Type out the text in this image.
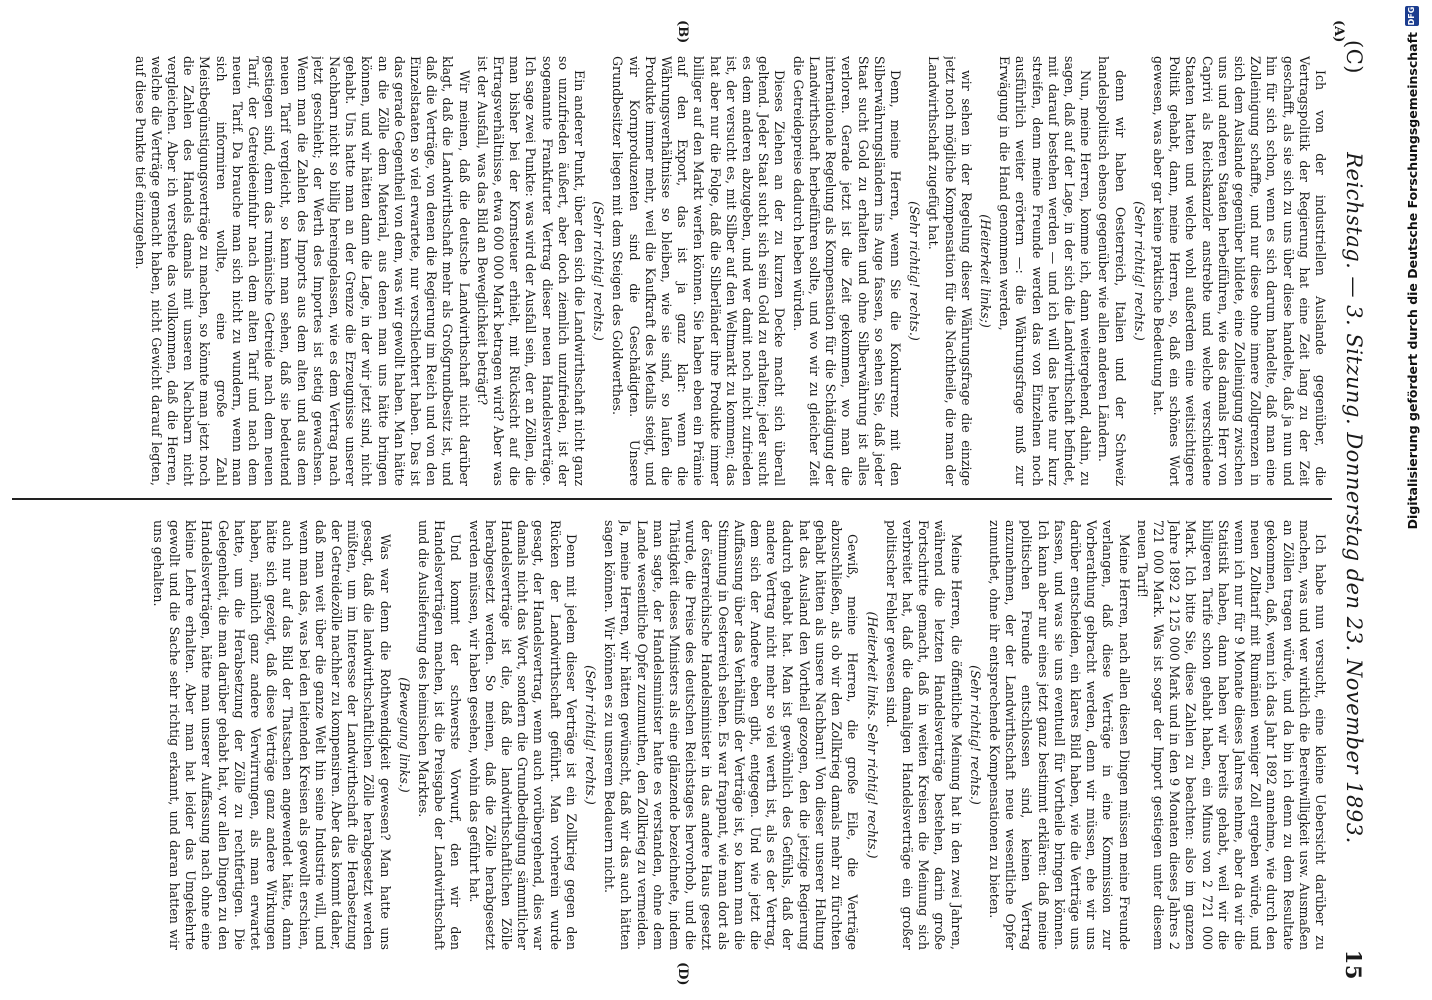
(C)
Reichstag. — 3. Sitzung. Donnerstag den 23. November 1893.
15

Ich habe nun versucht, eine kleine Uebersicht darüber zu machen, was und wer wirklich die Bereitwilligkeit usw. Ausmaßen an Zöllen tragen würde, und da bin ich denn zu dem Resultate gekommen, daß, wenn ich das Jahr 1892 annehme, wie durch den neuen Zolltarif mit Rumänien weniger Zoll ergeben würde, und wenn ich nur für 9 Monate dieses Jahres nehme, aber da wir die Statistik haben, dann haben wir bereits gehabt, weil wir die billigeren Tarife schon gehabt haben, ein Minus von 2 721 000 Mark. Ich bitte Sie, diese Zahlen zu beachten: also im ganzen Jahre 1892 2 125 000 Mark und in den 9 Monaten dieses Jahres 2 721 000 Mark. Was ist sogar der Import gestiegen unter diesem neuen Tarif!

Meine Herren, nach allen diesen Dingen müssen meine Freunde verlangen, daß diese Verträge in eine Kommission zur Vorberathung gebracht werden, denn wir müssen, ehe wir uns darüber entscheiden, ein klares Bild haben, wie die Verträge uns fassen, und was sie uns eventuell für Vortheile bringen können. Ich kann aber nur eines jetzt ganz bestimmt erklären: daß meine politischen Freunde entschlossen sind, keinen Vertrag anzunehmen, der der Landwirthschaft neue wesentliche Opfer zumuthet, ohne ihr entsprechende Kompensationen zu bieten.

(Sehr richtig! rechts.)

Meine Herren, die öffentliche Meinung hat in den zwei Jahren, während die letzten Handelsverträge bestehen, darin große Fortschritte gemacht, daß in weiten Kreisen die Meinung sich verbreitet hat, daß die damaligen Handelsverträge ein großer politischer Fehler gewesen sind.

(Heiterkeit links. Sehr richtig! rechts.)

Gewiß, meine Herren, die große Eile, die Verträge abzuschließen, als ob wir den Zollkrieg damals mehr zu fürchten gehabt hätten als unsere Nachbarn! Von dieser unserer Haltung hat das Ausland den Vortheil gezogen, den die jetzige Regierung dadurch gehabt hat. Man ist gewöhnlich des Gefühls, daß der andere Vertrag nicht mehr so viel werth ist, als es der Vertrag, dem sich der Andere eben gibt, entgegen. Und wie jetzt die Auffassung über das Verhältniß der Verträge ist, so kann man die Stimmung in Oesterreich sehen. Es war frappant, wie man dort als der österreichische Handelsminister in das andere Haus gesetzt wurde, die Preise des deutschen Reichstages hervorhob, und die Thätigkeit dieses Ministers als eine glänzende bezeichnete, indem man sagte, der Handelsminister hatte es verstanden, ohne dem Lande wesentliche Opfer zuzumuthen, den Zollkrieg zu vermeiden. Ja, meine Herren, wir hätten gewünscht, daß wir das auch hätten sagen können. Wir können es zu unserem Bedauern nicht.

(Sehr richtig! rechts.)

Denn mit jedem dieser Verträge ist ein Zollkrieg gegen den Rücken der Landwirthschaft geführt. Man vorherein wurde gesagt, der Handelsvertrag, wenn auch vorübergehend, dies war damals nicht das Wort, sondern die Grundbedingung sämmtlicher Handelsverträge ist die, daß die landwirthschaftlichen Zölle herabgesetzt werden. So meinen, daß die Zölle herabgesetzt werden müssen, wir haben gesehen, wohin das geführt hat.

Und kommt der schwerste Vorwurf, den wir den Handelsverträgen machen, ist die Preisgabe der Landwirthschaft und die Auslieferung des heimischen Marktes.

(Bewegung links.)

Was war denn die Rothwendigkeit gewesen? Man hatte uns gesagt, daß die landwirthschaftlichen Zölle herabgesetzt werden müßten, um im Interesse der Landwirthschaft die Herabsetzung der Getreidezölle nachher zu kompensiren. Aber das kommt daher, daß man weit über die ganze Welt hin seine Industrie will, und wenn man das, was bei den leitenden Kreisen als gewollt erschien, auch nur auf das Bild der Thatsachen angewendet hätte, dann hätte sich gezeigt, daß diese Verträge ganz andere Wirkungen haben, nämlich ganz andere Verwirrungen, als man erwartet hatte, um die Herabsetzung der Zölle zu rechtfertigen. Die Gelegenheit, die man darüber gehabt hat, vor allen Dingen zu den Handelsverträgen, hätte man unserer Auffassung nach ohne eine kleine Lehre erhalten. Aber man hat leider das Umgekehrte gewollt und die Sache sehr richtig erkannt, und daran hatten wir uns gehalten.

Ich von der industriellen Auslande gegenüber, die Vertragspolitik der Regierung hat eine Zeit lang zu der Zeit geschafft, als sie sich zu uns über diese handelte, daß ja nun und hin für sich schon, wenn es sich darum handelte, daß man eine Zolleinigung schaffte, und nur diese ohne innere Zollgrenzen in sich dem Auslande gegenüber bildete, eine Zolleinigung zwischen uns und anderen Staaten herbeiführen, wie das damals Herr von Caprivi als Reichskanzler anstrebte und welche verschiedene Staaten hatten und welche wohl außerdem eine weitsichtigere Politik gehabt, dann, meine Herren, so, daß ein schönes Wort gewesen, was aber gar keine praktische Bedeutung hat.

(Sehr richtig! rechts.)

denn wir haben Oesterreich, Italien und der Schweiz handelspolitisch ebenso gegenüber wie allen anderen Ländern.

Nun, meine Herren, komme ich, dann weitergehend, dahin, zu sagen, daß auf der Lage, in der sich die Landwirthschaft befindet, mit darauf bestehen werden — und ich will das heute nur kurz streifen, denn meine Freunde werden das von Einzelnen noch ausführlich weiter erörtern —: die Währungsfrage muß zur Erwägung in die Hand genommen werden,

(Heiterkeit links;)

wir sehen in der Regelung dieser Währungsfrage die einzige jetzt noch mögliche Kompensation für die Nachtheile, die man der Landwirthschaft zugefügt hat.

(Sehr richtig! rechts.)

Denn, meine Herren, wenn Sie die Konkurrenz mit den Silberwährungsländern ins Auge fassen, so sehen Sie, daß jeder Staat sucht Gold zu erhalten und ohne Silberwährung ist alles verloren. Gerade jetzt ist die Zeit gekommen, wo man die internationale Regelung als Kompensation für die Schädigung der Landwirthschaft herbeiführen sollte, und wo wir zu gleicher Zeit die Getreidepreise dadurch heben würden.

Dieses Ziehen an der zu kurzen Decke macht sich überall geltend. Jeder Staat sucht sich sein Gold zu erhalten; jeder sucht es dem anderen abzugeben, und wer damit noch nicht zufrieden ist, der versucht es, mit Silber auf den Weltmarkt zu kommen; das hat aber nur die Folge, daß die Silberländer ihre Produkte immer billiger auf den Markt werfen können. Sie haben eben ein Prämie auf den Export, das ist ja ganz klar: wenn die Währungsverhältnisse so bleiben, wie sie sind, so laufen die Produkte immer mehr, weil die Kaufkraft des Metalls steigt, und wir Kornproduzenten sind die Geschädigten. Unsere Grundbesitzer liegen mit dem Steigen des Goldwerthes.

(Sehr richtig! rechts.)

Ein anderer Punkt, über den sich die Landwirthschaft nicht ganz so unzufrieden äußert, aber doch ziemlich unzufrieden, ist der sogenannte Frankfurter Vertrag dieser neuen Handelsverträge. Ich sage zwei Punkte: was wird der Ausfall sein, der an Zöllen, die man bisher bei der Kornsteuer erhielt, mit Rücksicht auf die Ertragsverhältnisse, etwa 600 000 Mark betragen wird? Aber was ist der Ausfall, was das Bild an Beweglichkeit beträgt?

Wir meinen, daß die deutsche Landwirthschaft nicht darüber klagt, daß die Landwirthschaft mehr als Großgrundbesitz ist, und daß die Verträge, von denen die Regierung im Reich und von den Einzelstaaten so viel erwartete, nur verschlechtert haben. Das ist das gerade Gegentheil von dem, was wir gewollt haben. Man hätte an die Zölle dem Material, aus denen man uns hätte bringen können, und wir hätten dann die Lage, in der wir jetzt sind, nicht gehabt. Uns hatte man an der Grenze die Erzeugnisse unserer Nachbarn nicht so billig hereingelassen, wie es dem Vertrag nach jetzt geschieht; der Werth des Importes ist stetig gewachsen. Wenn man die Zahlen des Imports aus dem alten und aus dem neuen Tarif vergleicht, so kann man sehen, daß sie bedeutend gestiegen sind, denn das rumänische Getreide nach dem neuen Tarif, der Getreideeinfuhr nach dem alten Tarif und nach dem neuen Tarif. Da brauche man sich nicht zu wundern, wenn man sich informiren wollte, eine große Zahl Meistbegünstigungsverträge zu machen, so könnte man jetzt noch die Zahlen des Handels damals mit unseren Nachbarn nicht vergleichen. Aber ich verstehe das vollkommen, daß die Herren, welche die Verträge gemacht haben, nicht Gewicht darauf legten, auf diese Punkte tief einzugehen.

(A)
(B)
(D)
Digitalisierung gefördert durch die Deutsche Forschungsgemeinschaft
DFG
